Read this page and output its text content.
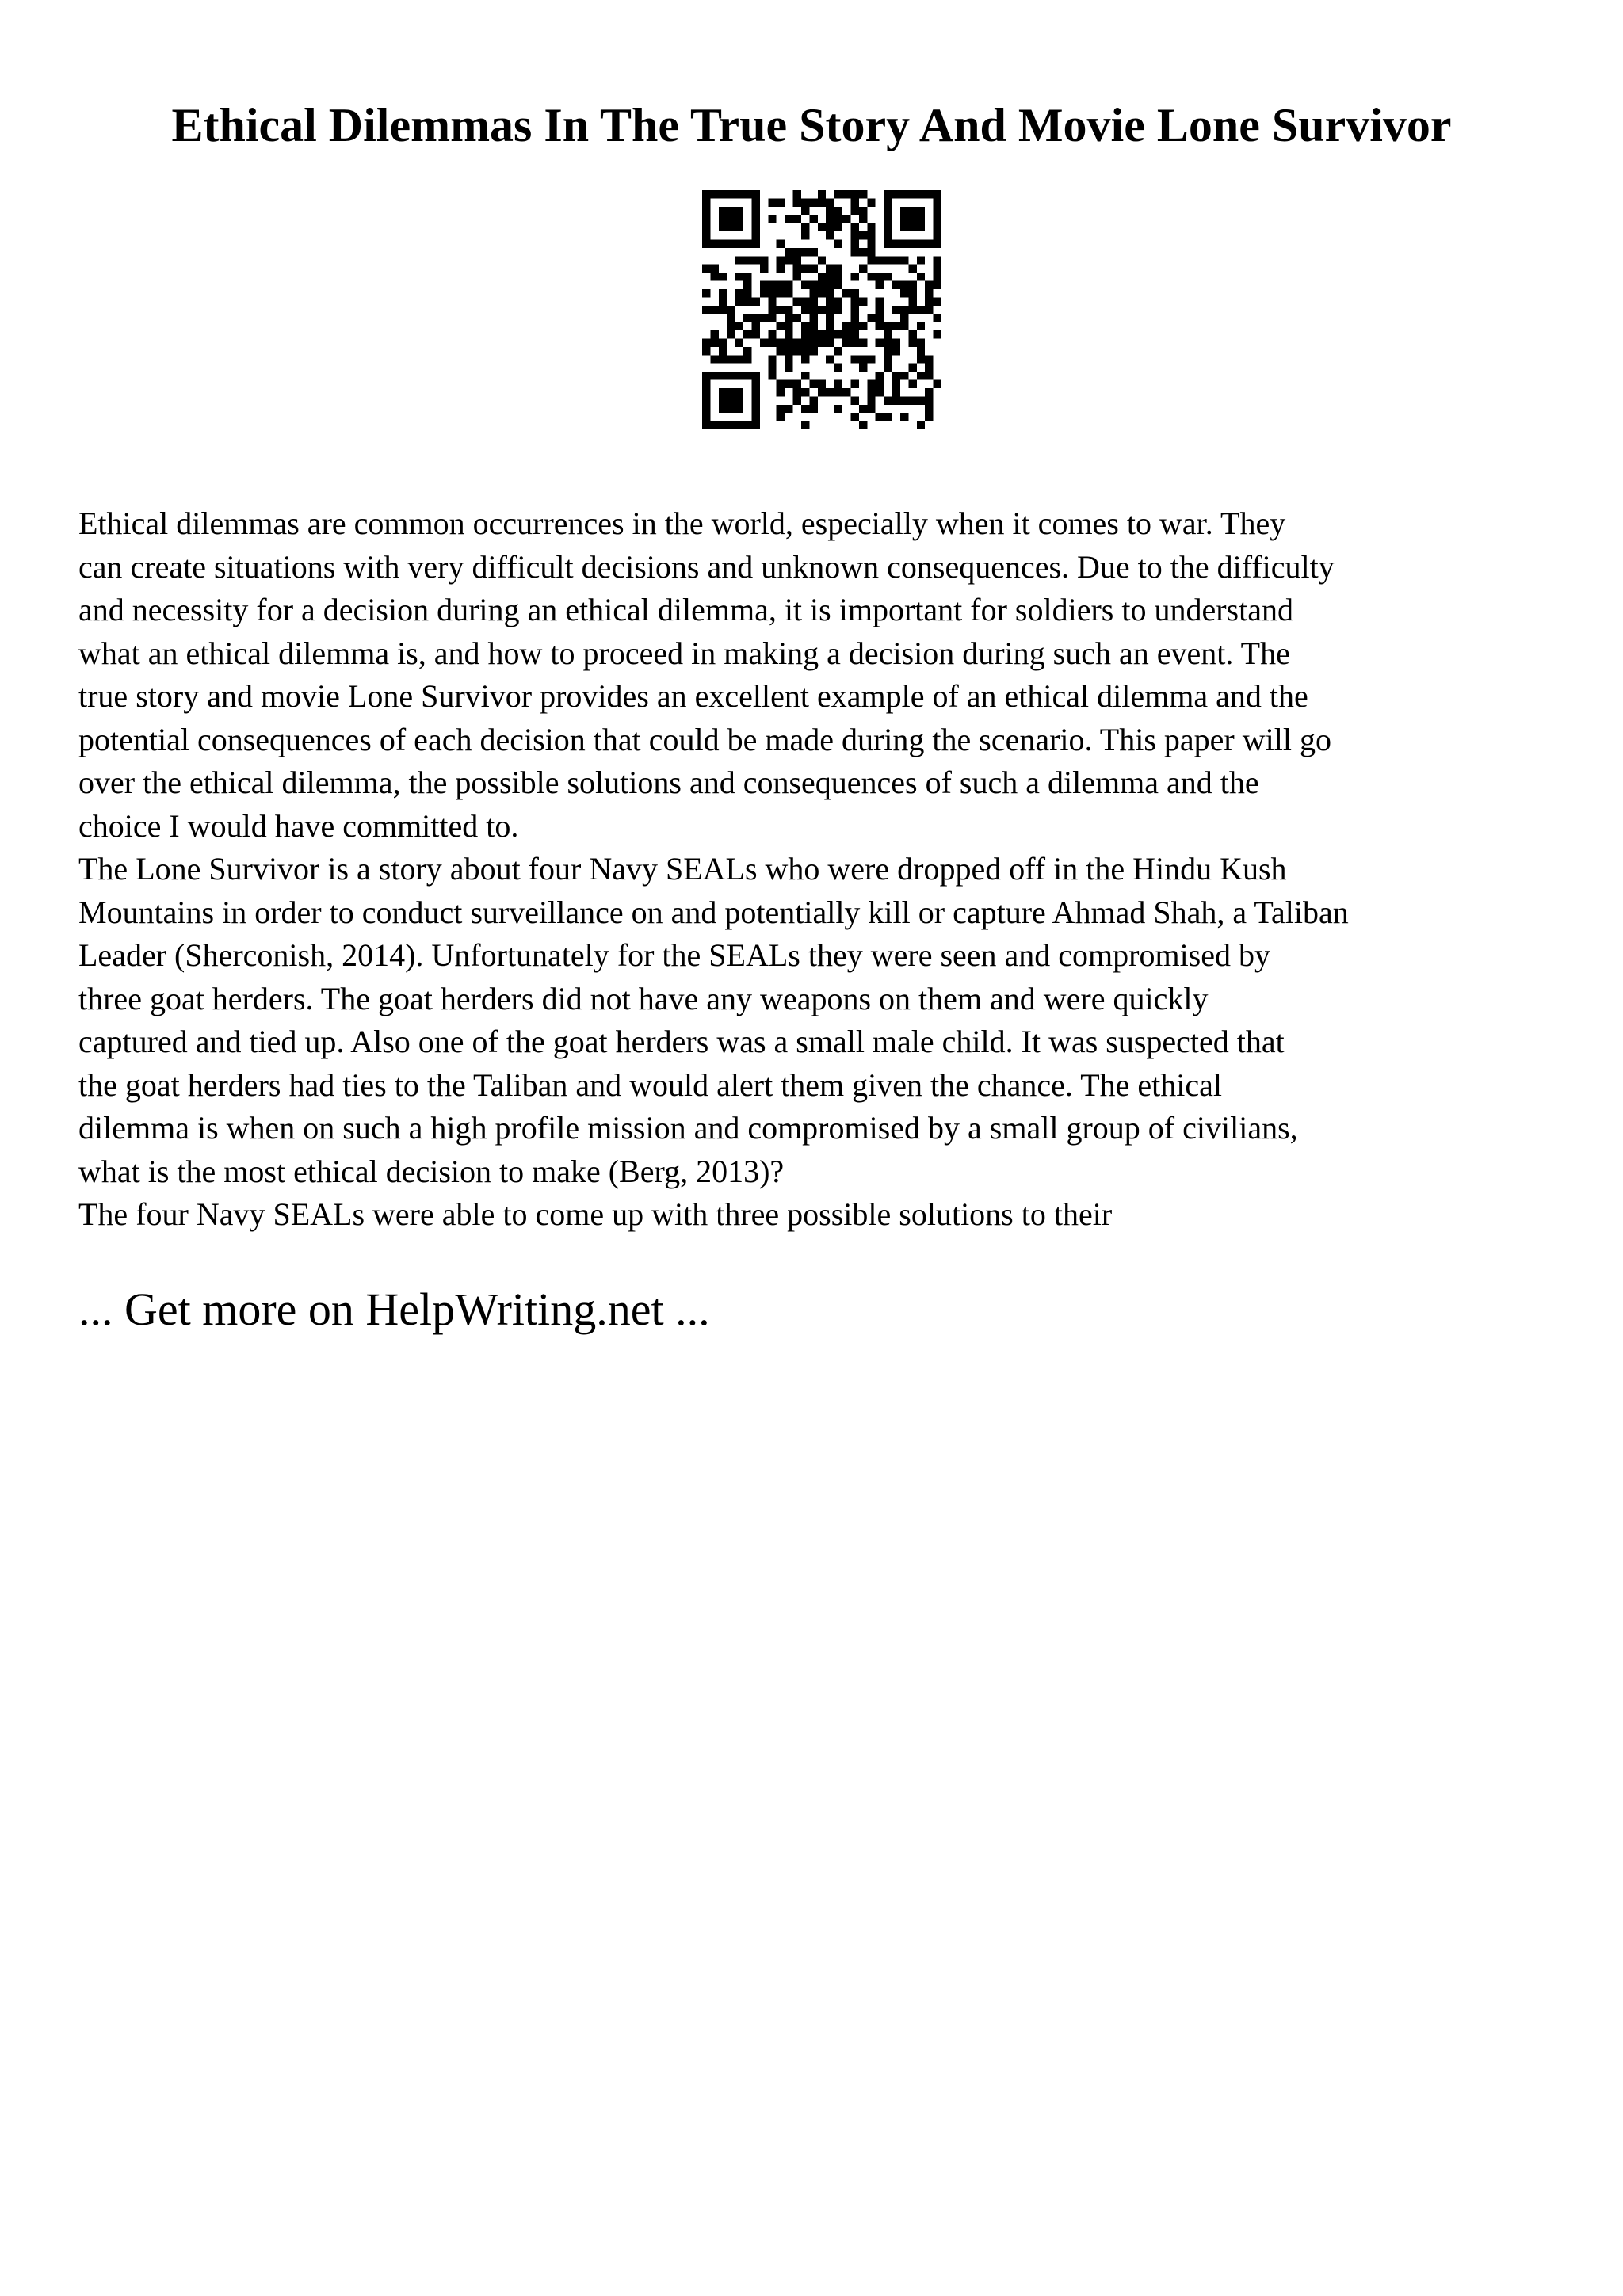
Ethical Dilemmas In The True Story And Movie Lone Survivor

Ethical dilemmas are common occurrences in the world, especially when it comes to war. They
can create situations with very difficult decisions and unknown consequences. Due to the difficulty
and necessity for a decision during an ethical dilemma, it is important for soldiers to understand
what an ethical dilemma is, and how to proceed in making a decision during such an event. The
true story and movie Lone Survivor provides an excellent example of an ethical dilemma and the
potential consequences of each decision that could be made during the scenario. This paper will go
over the ethical dilemma, the possible solutions and consequences of such a dilemma and the
choice I would have committed to.

The Lone Survivor is a story about four Navy SEALs who were dropped off in the Hindu Kush
Mountains in order to conduct surveillance on and potentially kill or capture Ahmad Shah, a Taliban
Leader (Sherconish, 2014). Unfortunately for the SEALs they were seen and compromised by
three goat herders. The goat herders did not have any weapons on them and were quickly
captured and tied up. Also one of the goat herders was a small male child. It was suspected that
the goat herders had ties to the Taliban and would alert them given the chance. The ethical
dilemma is when on such a high profile mission and compromised by a small group of civilians,
what is the most ethical decision to make (Berg, 2013)?

The four Navy SEALs were able to come up with three possible solutions to their

... Get more on HelpWriting.net ...
